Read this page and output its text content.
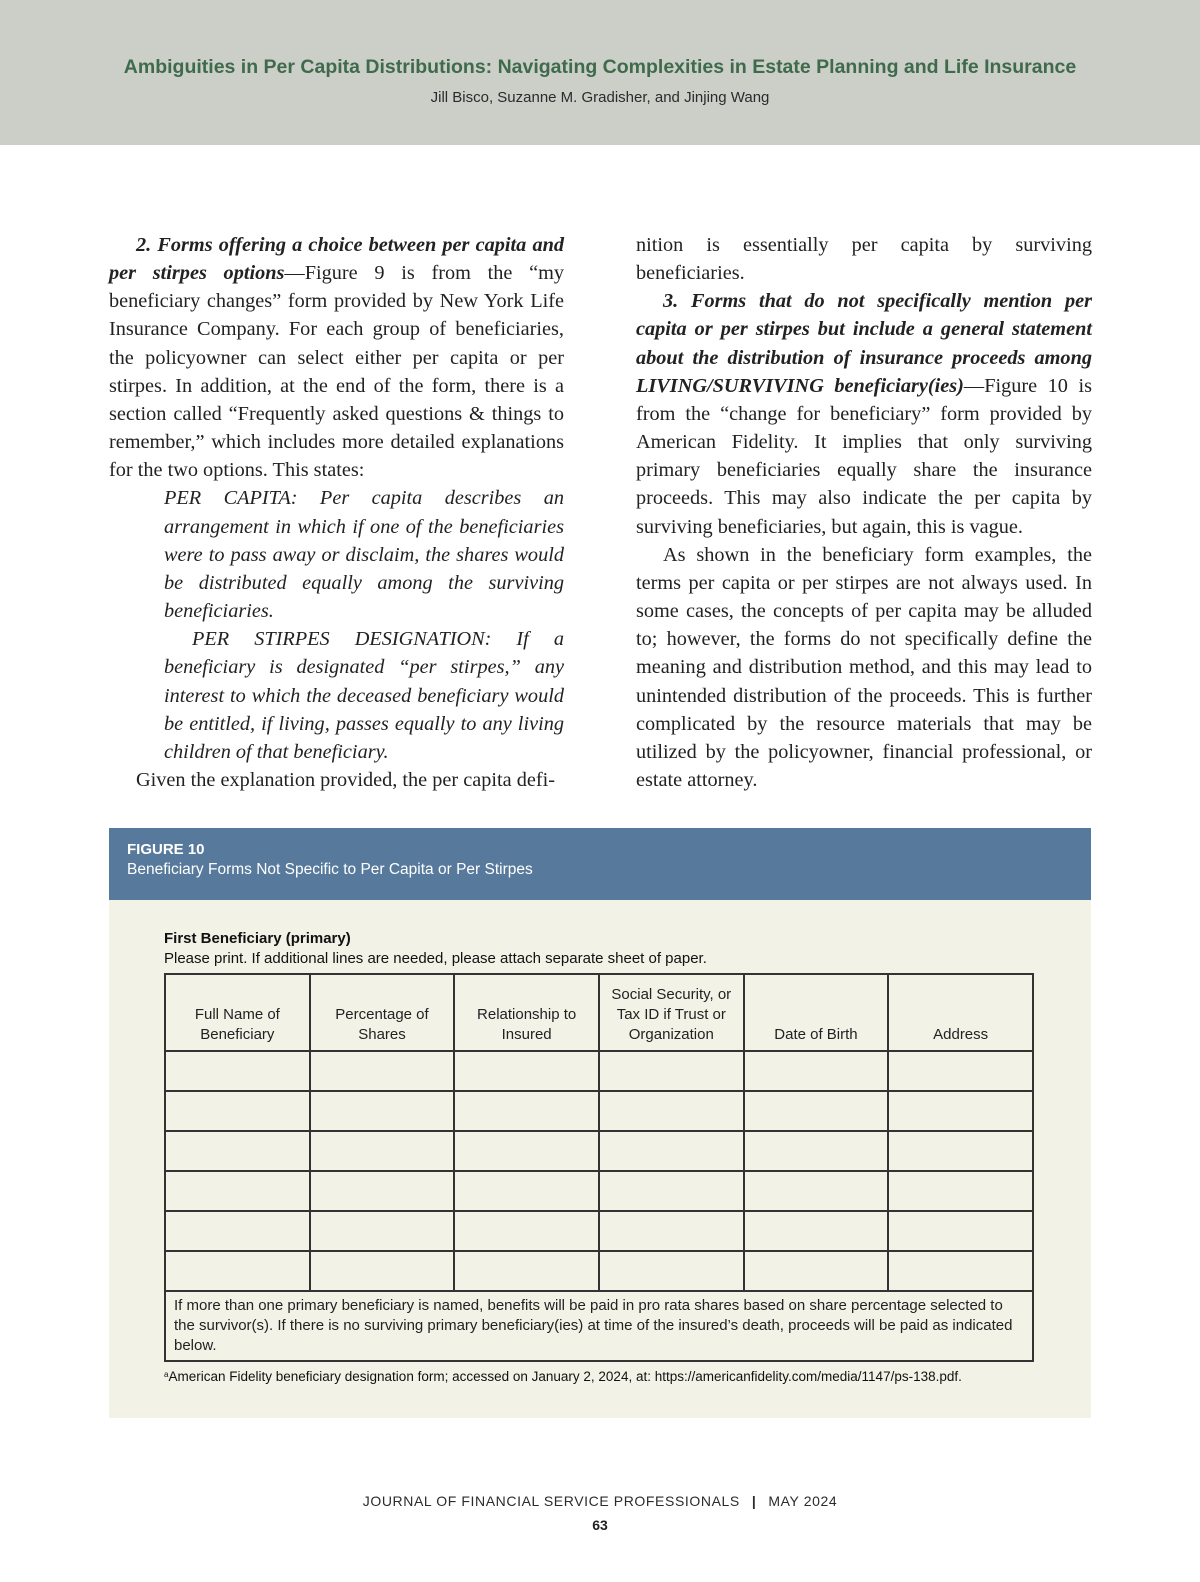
Ambiguities in Per Capita Distributions: Navigating Complexities in Estate Planning and Life Insurance
Jill Bisco, Suzanne M. Gradisher, and Jinjing Wang

2. Forms offering a choice between per capita and per stirpes options—Figure 9 is from the “my beneficiary changes” form provided by New York Life Insurance Company. For each group of beneficiaries, the policyowner can select either per capita or per stirpes. In addition, at the end of the form, there is a section called “Frequently asked questions & things to remember,” which includes more detailed explanations for the two options. This states:

PER CAPITA: Per capita describes an arrangement in which if one of the beneficiaries were to pass away or disclaim, the shares would be distributed equally among the surviving beneficiaries.

PER STIRPES DESIGNATION: If a beneficiary is designated “per stirpes,” any interest to which the deceased beneficiary would be entitled, if living, passes equally to any living children of that beneficiary.

Given the explanation provided, the per capita defi-

nition is essentially per capita by surviving beneficiaries.

3. Forms that do not specifically mention per capita or per stirpes but include a general statement about the distribution of insurance proceeds among LIVING/SURVIVING beneficiary(ies)—Figure 10 is from the “change for beneficiary” form provided by American Fidelity. It implies that only surviving primary beneficiaries equally share the insurance proceeds. This may also indicate the per capita by surviving beneficiaries, but again, this is vague.

As shown in the beneficiary form examples, the terms per capita or per stirpes are not always used. In some cases, the concepts of per capita may be alluded to; however, the forms do not specifically define the meaning and distribution method, and this may lead to unintended distribution of the proceeds. This is further complicated by the resource materials that may be utilized by the policyowner, financial professional, or estate attorney.

FIGURE 10
Beneficiary Forms Not Specific to Per Capita or Per Stirpes
First Beneficiary (primary)
Please print. If additional lines are needed, please attach separate sheet of paper.
Full Name of Beneficiary	Percentage of Shares	Relationship to Insured	Social Security, or Tax ID if Trust or Organization	Date of Birth	Address

If more than one primary beneficiary is named, benefits will be paid in pro rata shares based on share percentage selected to the survivor(s). If there is no surviving primary beneficiary(ies) at time of the insured’s death, proceeds will be paid as indicated below.					
$^a$American Fidelity beneficiary designation form; accessed on January 2, 2024, at: https://americanfidelity.com/media/1147/ps-138.pdf.
JOURNAL OF FINANCIAL SERVICE PROFESSIONALS | MAY 2024
63
